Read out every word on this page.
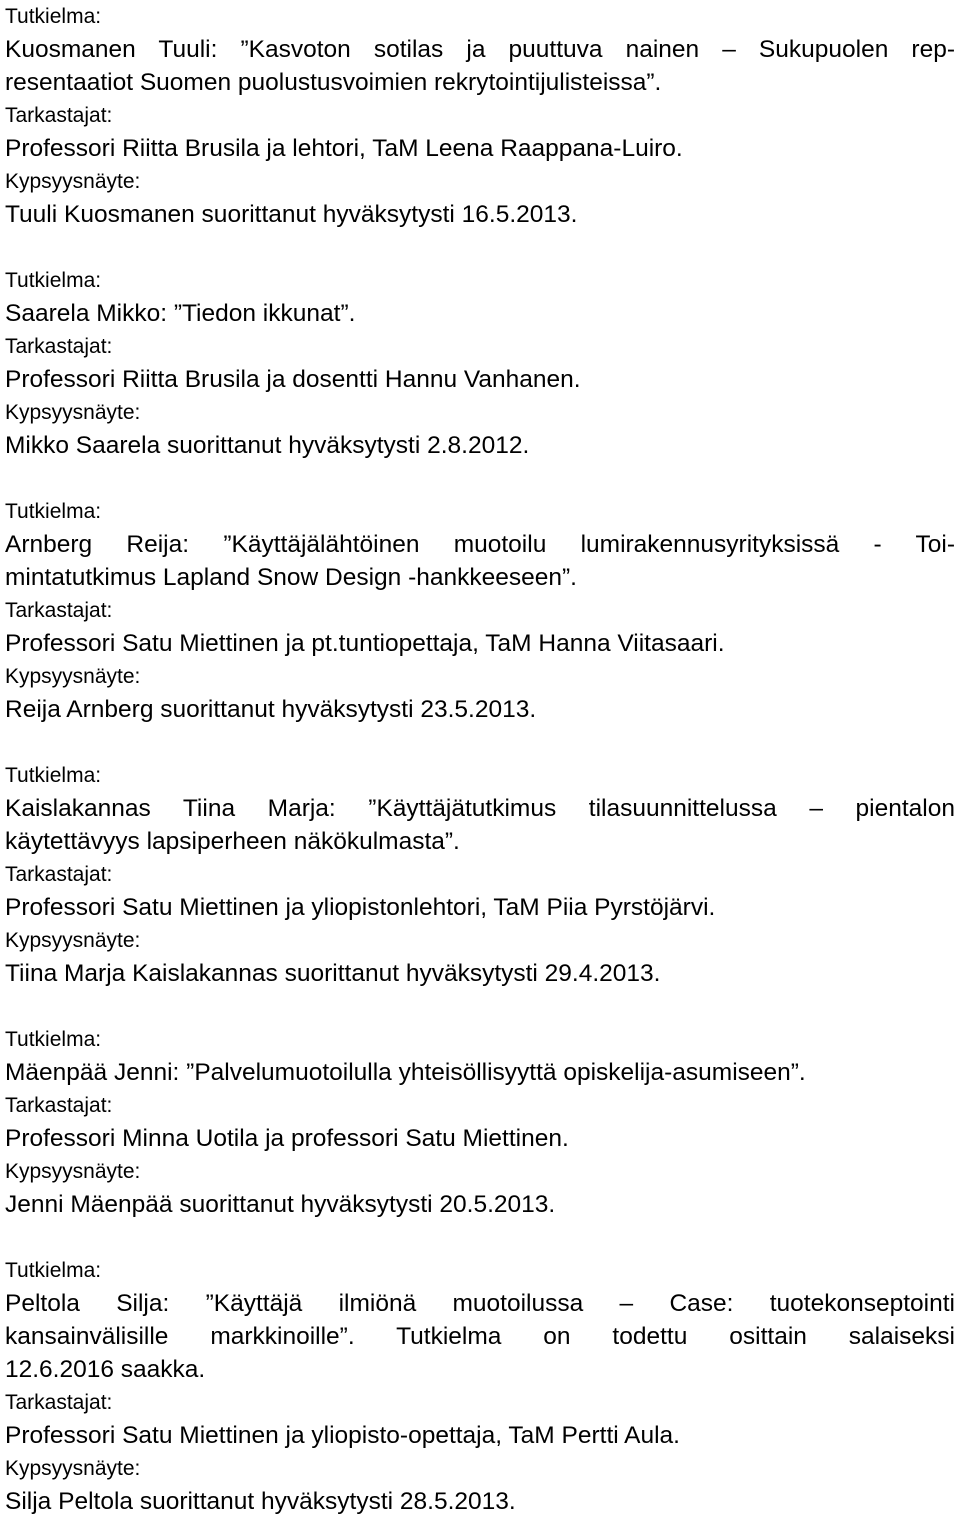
Tutkielma:
Kuosmanen Tuuli: ”Kasvoton sotilas ja puuttuva nainen – Sukupuolen rep-
resentaatiot Suomen puolustusvoimien rekrytointijulisteissa”.
Tarkastajat:
Professori Riitta Brusila ja lehtori, TaM Leena Raappana-Luiro.
Kypsyysnäyte:
Tuuli Kuosmanen suorittanut hyväksytysti 16.5.2013.
Tutkielma:
Saarela Mikko: ”Tiedon ikkunat”.
Tarkastajat:
Professori Riitta Brusila ja dosentti Hannu Vanhanen.
Kypsyysnäyte:
Mikko Saarela suorittanut hyväksytysti 2.8.2012.
Tutkielma:
Arnberg Reija: ”Käyttäjälähtöinen muotoilu lumirakennusyrityksissä - Toi-
mintatutkimus Lapland Snow Design -hankkeeseen”.
Tarkastajat:
Professori Satu Miettinen ja pt.tuntiopettaja, TaM Hanna Viitasaari.
Kypsyysnäyte:
Reija Arnberg suorittanut hyväksytysti 23.5.2013.
Tutkielma:
Kaislakannas Tiina Marja: ”Käyttäjätutkimus tilasuunnittelussa – pientalon
käytettävyys lapsiperheen näkökulmasta”.
Tarkastajat:
Professori Satu Miettinen ja yliopistonlehtori, TaM Piia Pyrstöjärvi.
Kypsyysnäyte:
Tiina Marja Kaislakannas suorittanut hyväksytysti 29.4.2013.
Tutkielma:
Mäenpää Jenni: ”Palvelumuotoilulla yhteisöllisyyttä opiskelija-asumiseen”.
Tarkastajat:
Professori Minna Uotila ja professori Satu Miettinen.
Kypsyysnäyte:
Jenni Mäenpää suorittanut hyväksytysti 20.5.2013.
Tutkielma:
Peltola Silja: ”Käyttäjä ilmiönä muotoilussa – Case: tuotekonseptointi
kansainvälisille markkinoille”. Tutkielma on todettu osittain salaiseksi
12.6.2016 saakka.
Tarkastajat:
Professori Satu Miettinen ja yliopisto-opettaja, TaM Pertti Aula.
Kypsyysnäyte:
Silja Peltola suorittanut hyväksytysti 28.5.2013.
